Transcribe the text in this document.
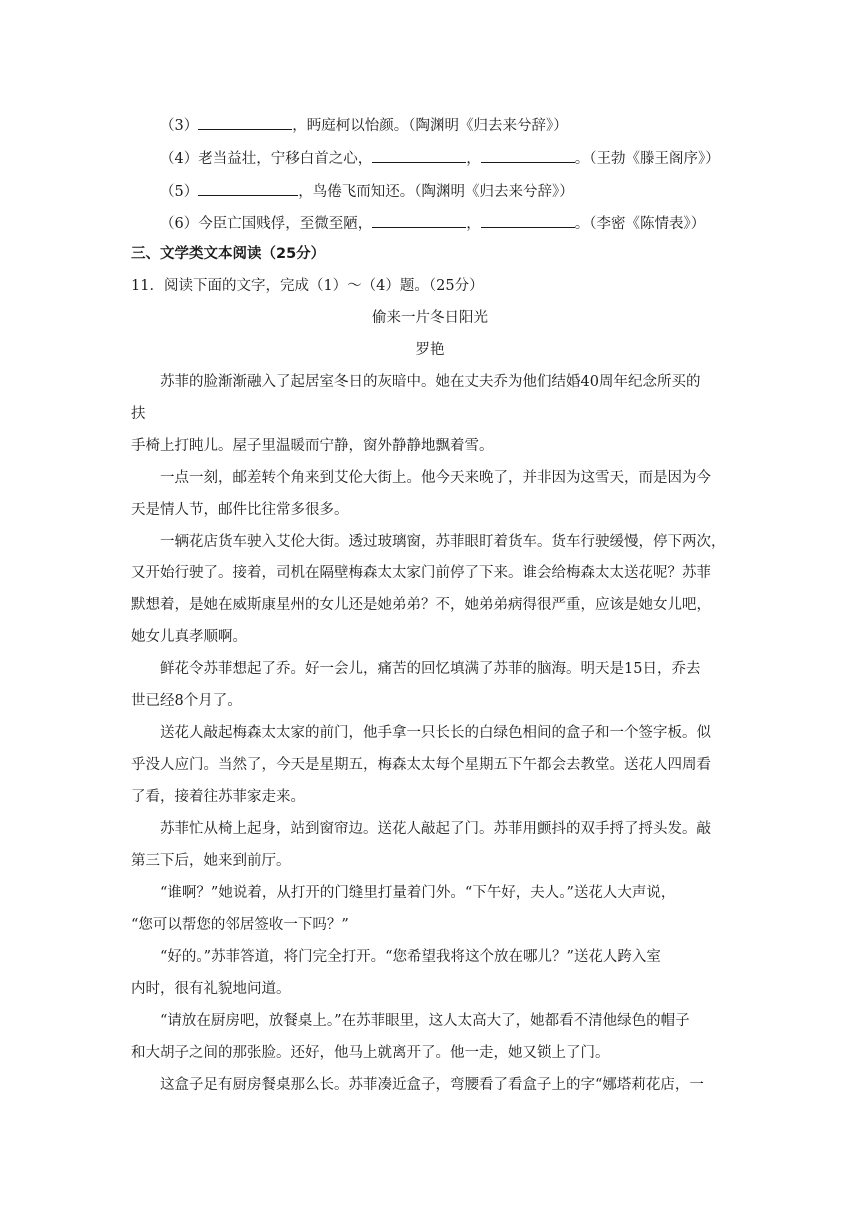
（3）	，眄庭柯以怡颜。（陶渊明《归去来兮辞》）
（4）老当益壮，宁移白首之心，	，	。（王勃《滕王阁序》）
（5）	，鸟倦飞而知还。（陶渊明《归去来兮辞》）
（6）今臣亡国贱俘，至微至陋，	，	。（李密《陈情表》）
三、文学类文本阅读（25分）
11．阅读下面的文字，完成（1）～（4）题。（25分）
偷来一片冬日阳光
罗艳
苏菲的脸渐渐融入了起居室冬日的灰暗中。她在丈夫乔为他们结婚40周年纪念所买的
扶
手椅上打盹儿。屋子里温暖而宁静，窗外静静地飘着雪。
一点一刻，邮差转个角来到艾伦大街上。他今天来晚了，并非因为这雪天，而是因为今
天是情人节，邮件比往常多很多。
一辆花店货车驶入艾伦大街。透过玻璃窗，苏菲眼盯着货车。货车行驶缓慢，停下两次，
又开始行驶了。接着，司机在隔壁梅森太太家门前停了下来。谁会给梅森太太送花呢？苏菲
默想着，是她在威斯康星州的女儿还是她弟弟？不，她弟弟病得很严重，应该是她女儿吧，
她女儿真孝顺啊。
鲜花令苏菲想起了乔。好一会儿，痛苦的回忆填满了苏菲的脑海。明天是15日，乔去
世已经8个月了。
送花人敲起梅森太太家的前门，他手拿一只长长的白绿色相间的盒子和一个签字板。似
乎没人应门。当然了，今天是星期五，梅森太太每个星期五下午都会去教堂。送花人四周看
了看，接着往苏菲家走来。
苏菲忙从椅上起身，站到窗帘边。送花人敲起了门。苏菲用颤抖的双手捋了捋头发。敲
第三下后，她来到前厅。
“谁啊？”她说着，从打开的门缝里打量着门外。“下午好，夫人。”送花人大声说，
“您可以帮您的邻居签收一下吗？”
“好的。”苏菲答道，将门完全打开。“您希望我将这个放在哪儿？”送花人跨入室
内时，很有礼貌地问道。
“请放在厨房吧，放餐桌上。”在苏菲眼里，这人太高大了，她都看不清他绿色的帽子
和大胡子之间的那张脸。还好，他马上就离开了。他一走，她又锁上了门。
这盒子足有厨房餐桌那么长。苏菲凑近盒子，弯腰看了看盒子上的字“娜塔莉花店，一
